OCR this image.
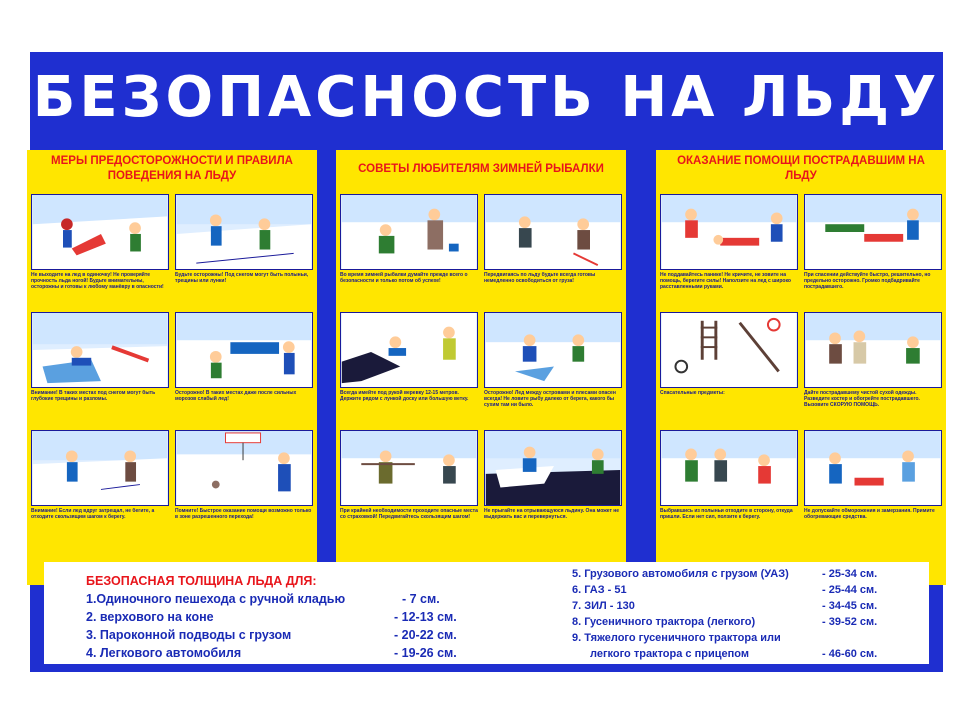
БЕЗОПАСНОСТЬ НА ЛЬДУ
МЕРЫ ПРЕДОСТОРОЖНОСТИ И ПРАВИЛА ПОВЕДЕНИЯ НА ЛЬДУ
Не выходите на лед в одиночку! Не проверяйте прочность льда ногой! Будьте внимательны, осторожны и готовы к любому манёвру в опасности!
Будьте осторожны! Под снегом могут быть полыньи, трещины или лунки!
Внимание! В таких местах под снегом могут быть глубокие трещины и разломы.
Осторожно! В таких местах даже после сильных морозов слабый лед!
Внимание! Если лед вдруг затрещал, не бегите, а отходите скользящим шагом к берегу.
Помните! Быстрое оказание помощи возможно только в зоне разрешенного перехода!
СОВЕТЫ ЛЮБИТЕЛЯМ ЗИМНЕЙ РЫБАЛКИ
Во время зимней рыбалки думайте прежде всего о безопасности и только потом об успехе!
Передвигаясь по льду будьте всегда готовы немедленно освободиться от груза!
Всегда имейте под рукой веревку 12-15 метров. Держите рядом с лункой доску или большую ветку.
Осторожно! Лед между островами и плесами опасен всегда! Не ловите рыбу далеко от берега, какого бы сухим там ни было.
При крайней необходимости проходите опасные места со страховкой! Передвигайтесь скользящим шагом!
Не прыгайте на отрывающуюся льдину. Она может не выдержать вас и перевернуться.
ОКАЗАНИЕ ПОМОЩИ ПОСТРАДАВШИМ НА ЛЬДУ
Не поддавайтесь панике! Не кричите, не зовите на помощь, берегите силы! Наползите на лед с широко расставленными руками.
При спасении действуйте быстро, решительно, но предельно осторожно. Громко подбадривайте пострадавшего.
Спасательные предметы:	Дайте пострадавшему чистой сухой одежды. Разведите костер и обогрейте пострадавшего. Вызовите СКОРУЮ ПОМОЩЬ.
Выбравшись из полыньи отходите в сторону, откуда пришли. Если нет сил, ползите к берегу.
Не допускайте обморожения и замерзания. Примите обогревающие средства.
БЕЗОПАСНАЯ ТОЛЩИНА ЛЬДА ДЛЯ:
1.Одиночного пешехода с ручной кладью	- 7 см.
2. верхового на коне	- 12-13 см.
3. Пароконной подводы с грузом	- 20-22 см.
4. Легкового автомобиля	- 19-26 см.
5. Грузового автомобиля с грузом (УАЗ)	- 25-34 см.
6. ГАЗ - 51	- 25-44 см.
7. ЗИЛ - 130	- 34-45 см.
8. Гусеничного трактора (легкого)	- 39-52 см.
9. Тяжелого гусеничного трактора или
легкого трактора с прицепом	- 46-60 см.
